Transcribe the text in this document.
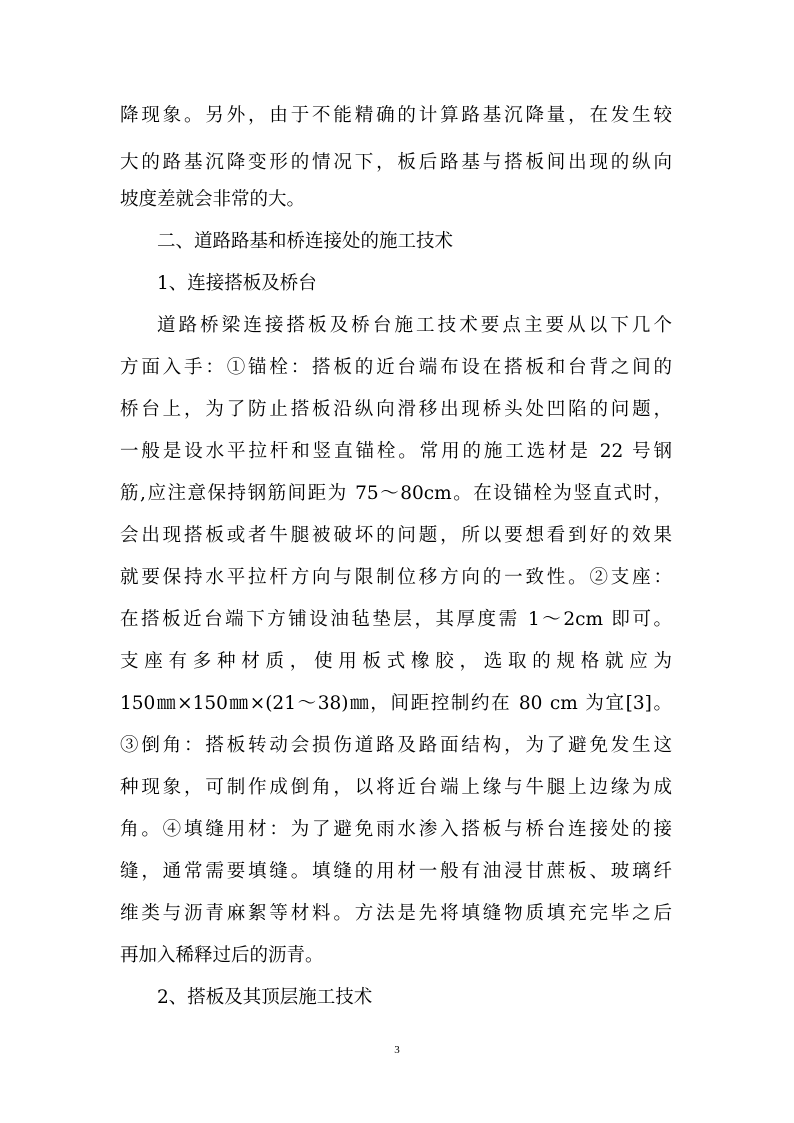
降现象。另外，由于不能精确的计算路基沉降量，在发生较
大的路基沉降变形的情况下，板后路基与搭板间出现的纵向
坡度差就会非常的大。
二、道路路基和桥连接处的施工技术
1、连接搭板及桥台
道路桥梁连接搭板及桥台施工技术要点主要从以下几个
方面入手：①锚栓：搭板的近台端布设在搭板和台背之间的
桥台上，为了防止搭板沿纵向滑移出现桥头处凹陷的问题，
一般是设水平拉杆和竖直锚栓。常用的施工选材是 22 号钢
筋,应注意保持钢筋间距为 75～80cm。在设锚栓为竖直式时，
会出现搭板或者牛腿被破坏的问题，所以要想看到好的效果
就要保持水平拉杆方向与限制位移方向的一致性。②支座：
在搭板近台端下方铺设油毡垫层，其厚度需 1～2cm 即可。
支座有多种材质，使用板式橡胶，选取的规格就应为
150㎜×150㎜×(21～38)㎜，间距控制约在 80 cm 为宜[3]。
③倒角：搭板转动会损伤道路及路面结构，为了避免发生这
种现象，可制作成倒角，以将近台端上缘与牛腿上边缘为成
角。④填缝用材：为了避免雨水渗入搭板与桥台连接处的接
缝，通常需要填缝。填缝的用材一般有油浸甘蔗板、玻璃纤
维类与沥青麻絮等材料。方法是先将填缝物质填充完毕之后
再加入稀释过后的沥青。
2、搭板及其顶层施工技术
3
